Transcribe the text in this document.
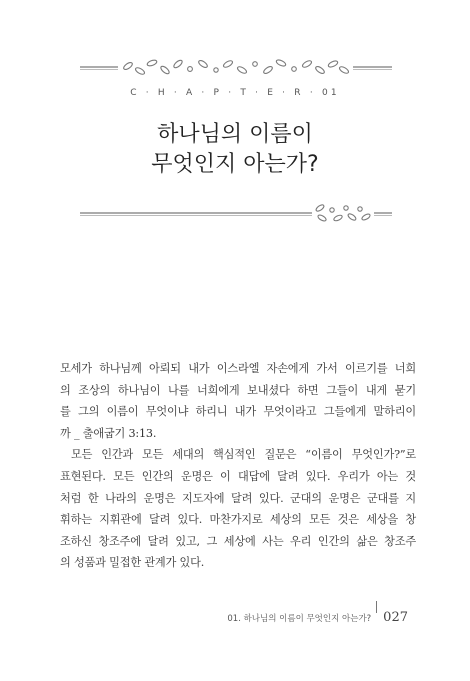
C · H · A · P · T · E · R · 01
하나님의 이름이
무엇인지 아는가?
모세가 하나님께 아뢰되 내가 이스라엘 자손에게 가서 이르기를 너희
의 조상의 하나님이 나를 너희에게 보내셨다 하면 그들이 내게 묻기
를 그의 이름이 무엇이냐 하리니 내가 무엇이라고 그들에게 말하리이
까 _ 출애굽기 3:13.
모든 인간과 모든 세대의 핵심적인 질문은 “이름이 무엇인가?”로
표현된다. 모든 인간의 운명은 이 대답에 달려 있다. 우리가 아는 것
처럼 한 나라의 운명은 지도자에 달려 있다. 군대의 운명은 군대를 지
휘하는 지휘관에 달려 있다. 마찬가지로 세상의 모든 것은 세상을 창
조하신 창조주에 달려 있고, 그 세상에 사는 우리 인간의 삶은 창조주
의 성품과 밀접한 관계가 있다.
01. 하나님의 이름이 무엇인지 아는가? 027
